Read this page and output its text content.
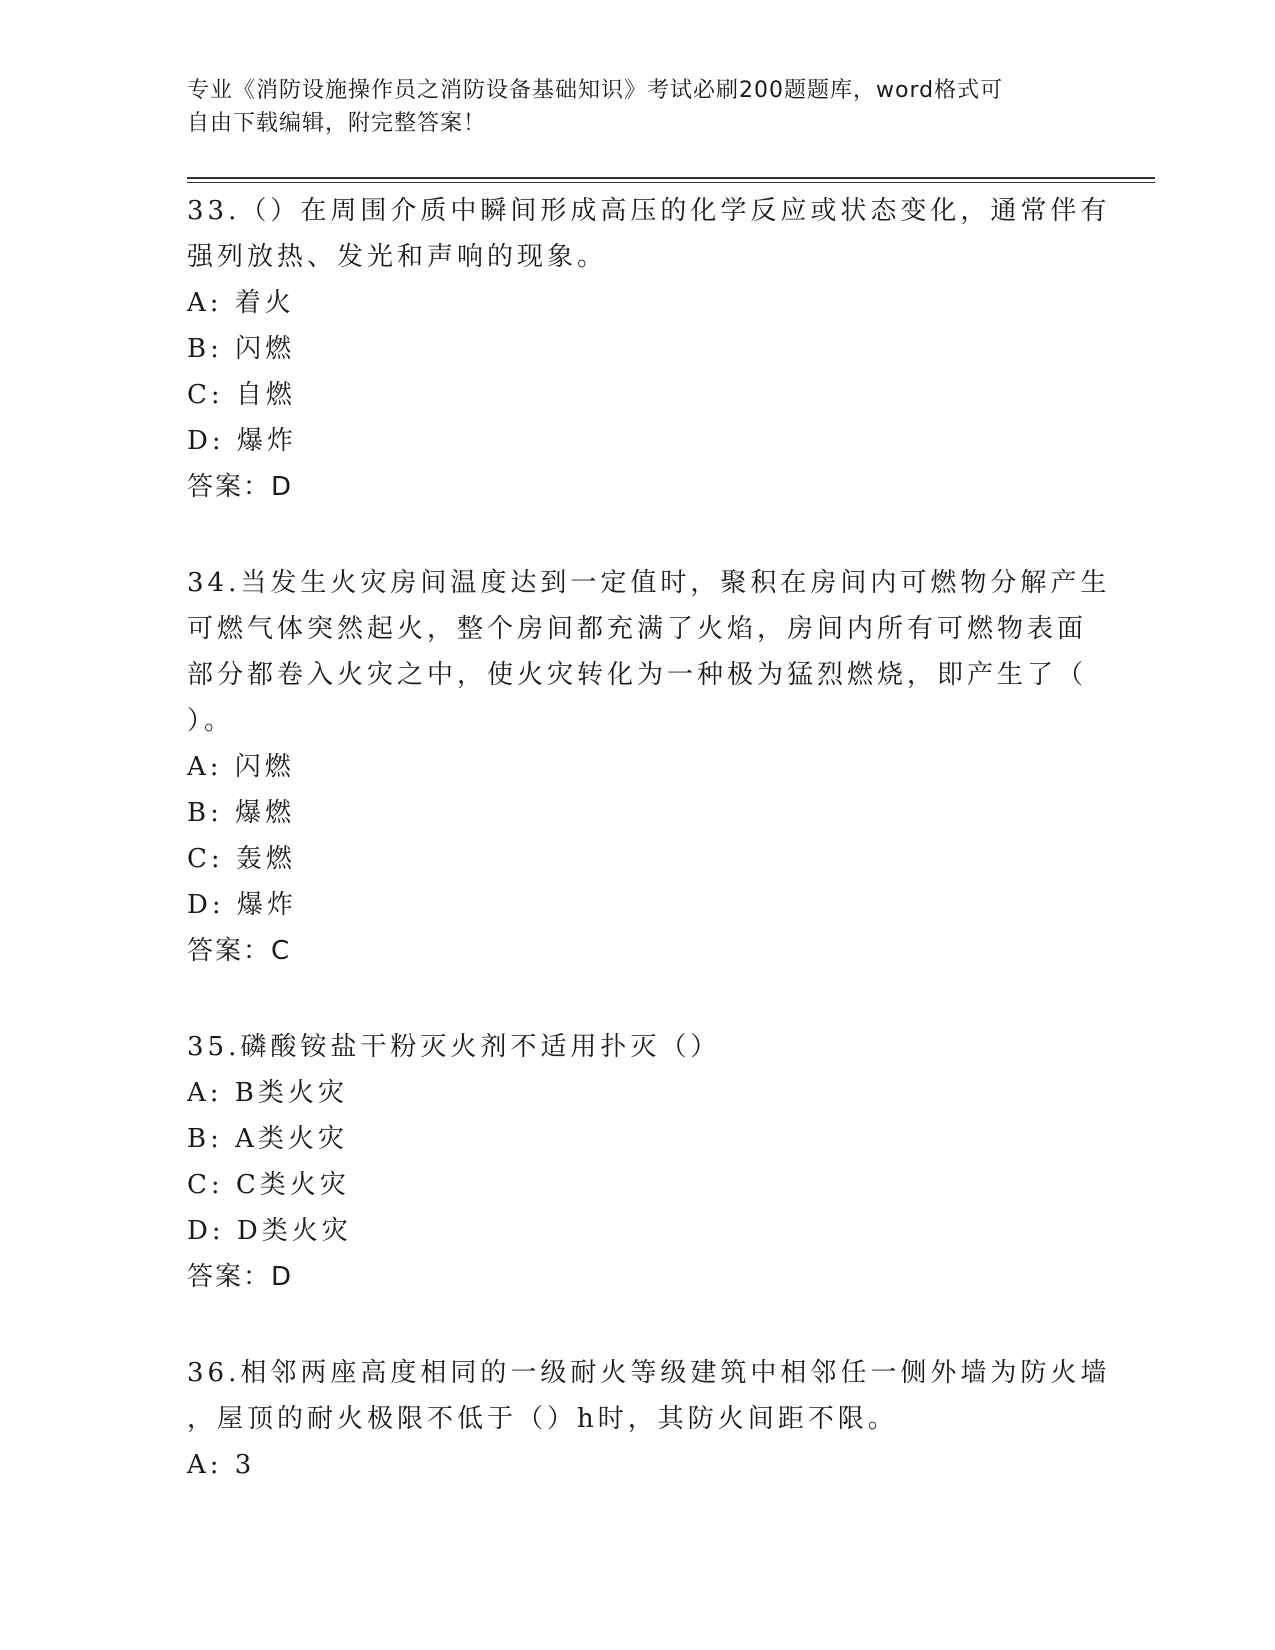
专业《消防设施操作员之消防设备基础知识》考试必刷200题题库，word格式可
自由下载编辑，附完整答案！
33.（）在周围介质中瞬间形成高压的化学反应或状态变化，通常伴有
强列放热、发光和声响的现象。
A: 着火
B: 闪燃
C: 自燃
D: 爆炸
答案：D
34.当发生火灾房间温度达到一定值时，聚积在房间内可燃物分解产生
可燃气体突然起火，整个房间都充满了火焰，房间内所有可燃物表面
部分都卷入火灾之中，使火灾转化为一种极为猛烈燃烧，即产生了（
）。
A: 闪燃
B: 爆燃
C: 轰燃
D: 爆炸
答案：C
35.磷酸铵盐干粉灭火剂不适用扑灭（）
A: B类火灾
B: A类火灾
C: C类火灾
D: D类火灾
答案：D
36.相邻两座高度相同的一级耐火等级建筑中相邻任一侧外墙为防火墙
，屋顶的耐火极限不低于（）h时，其防火间距不限。
A: 3
